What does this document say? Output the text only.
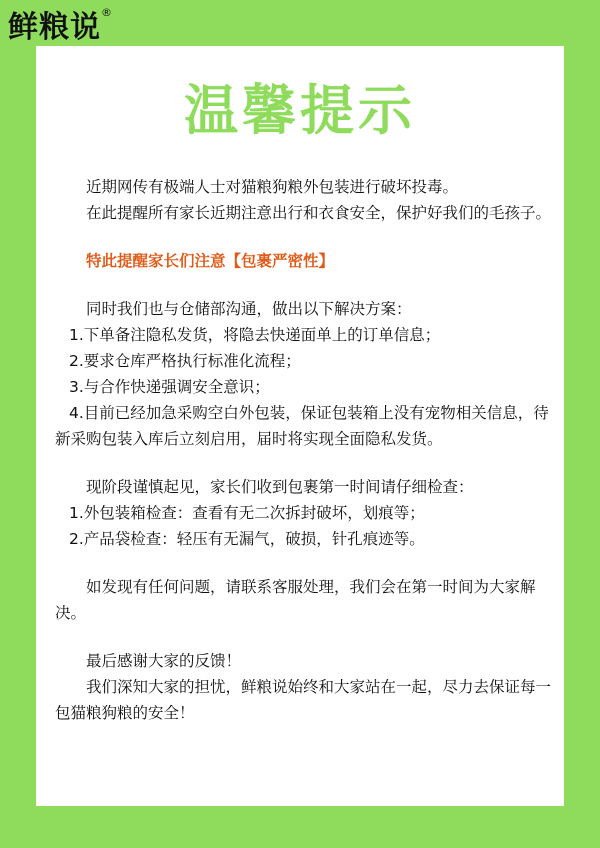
鲜粮说®
温馨提示

近期网传有极端人士对猫粮狗粮外包装进行破坏投毒。

在此提醒所有家长近期注意出行和衣食安全，保护好我们的毛孩子。

特此提醒家长们注意【包裹严密性】

同时我们也与仓储部沟通，做出以下解决方案：

1.下单备注隐私发货，将隐去快递面单上的订单信息；

2.要求仓库严格执行标准化流程；

3.与合作快递强调安全意识；

4.目前已经加急采购空白外包装，保证包装箱上没有宠物相关信息，待新采购包装入库后立刻启用，届时将实现全面隐私发货。

现阶段谨慎起见，家长们收到包裹第一时间请仔细检查：

1.外包装箱检查：查看有无二次拆封破坏，划痕等；

2.产品袋检查：轻压有无漏气，破损，针孔痕迹等。

如发现有任何问题，请联系客服处理，我们会在第一时间为大家解决。

最后感谢大家的反馈！

我们深知大家的担忧，鲜粮说始终和大家站在一起，尽力去保证每一包猫粮狗粮的安全！
